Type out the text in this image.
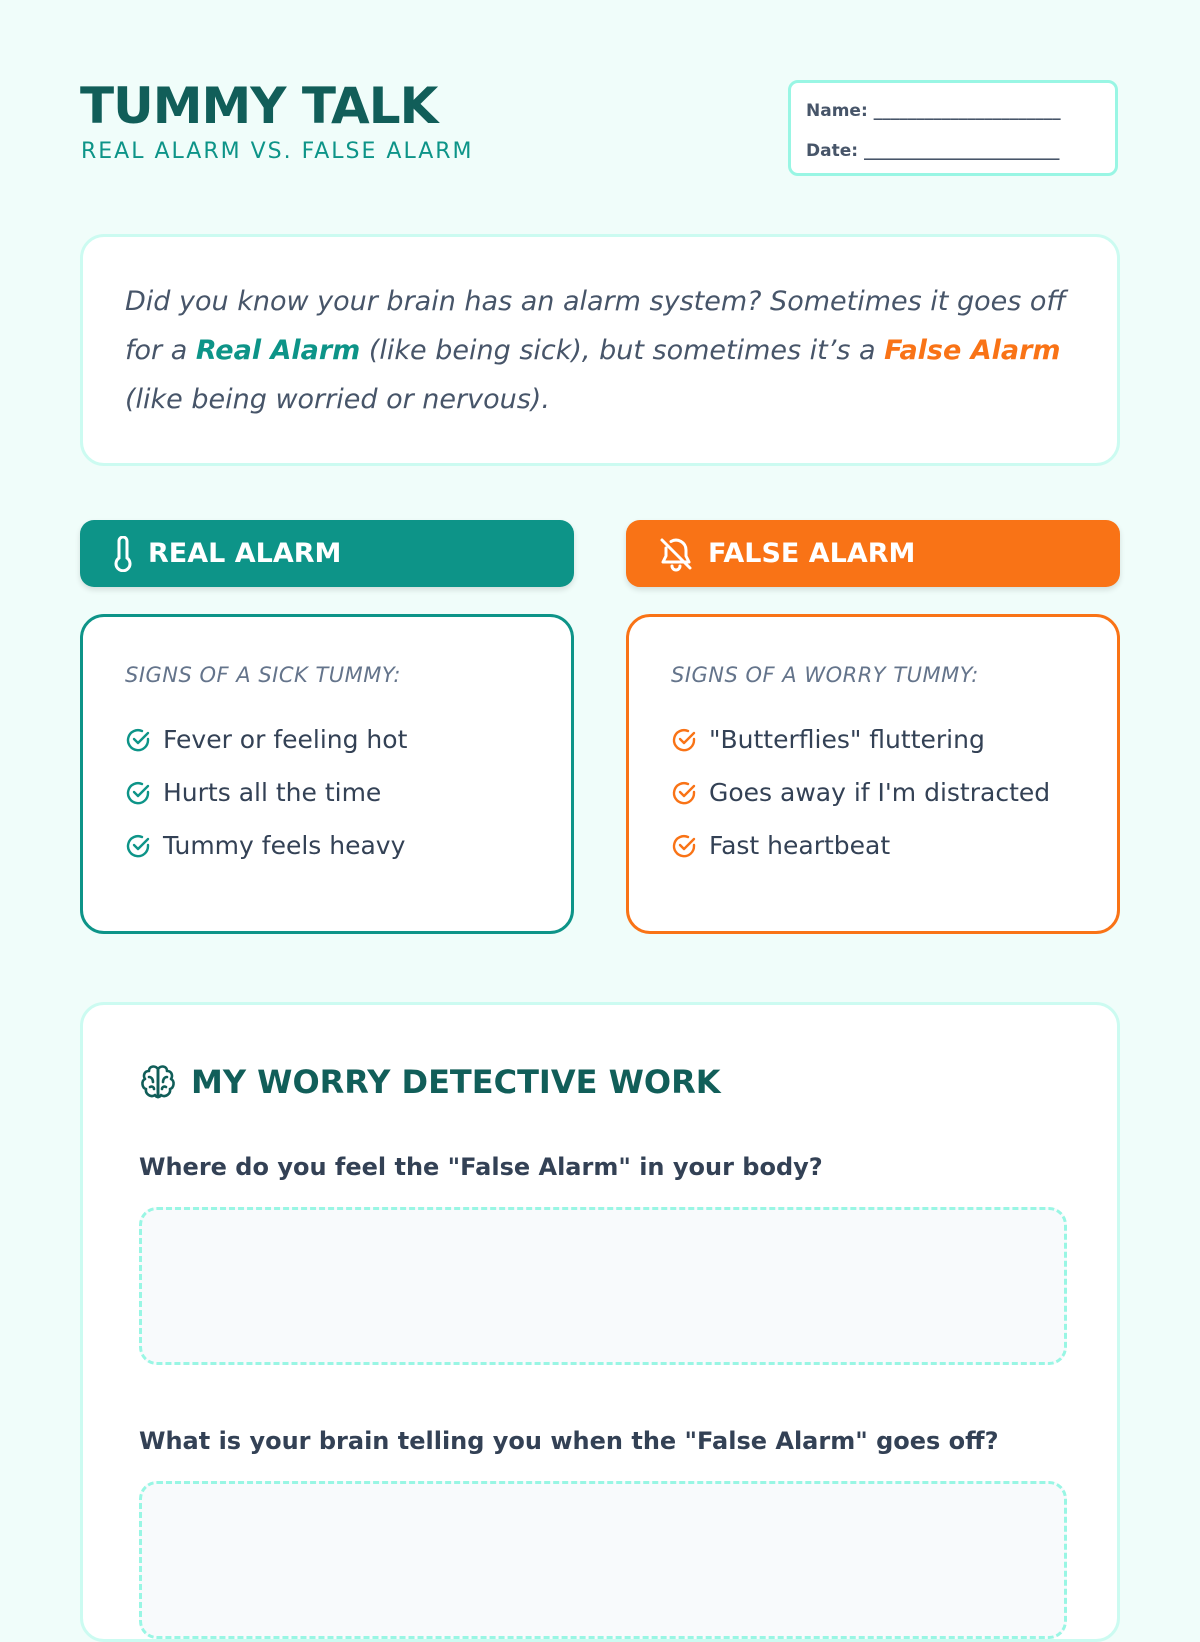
TUMMY TALK
REAL ALARM VS. FALSE ALARM
Name: ______________________
Date: _______________________
Did you know your brain has an alarm system? Sometimes it goes off for a Real Alarm (like being sick), but sometimes it’s a False Alarm (like being worried or nervous).
REAL ALARM	FALSE ALARM
SIGNS OF A SICK TUMMY:
Fever or feeling hot
Hurts all the time
Tummy feels heavy
SIGNS OF A WORRY TUMMY:
"Butterflies" fluttering
Goes away if I'm distracted
Fast heartbeat
MY WORRY DETECTIVE WORK
Where do you feel the "False Alarm" in your body?
What is your brain telling you when the "False Alarm" goes off?
